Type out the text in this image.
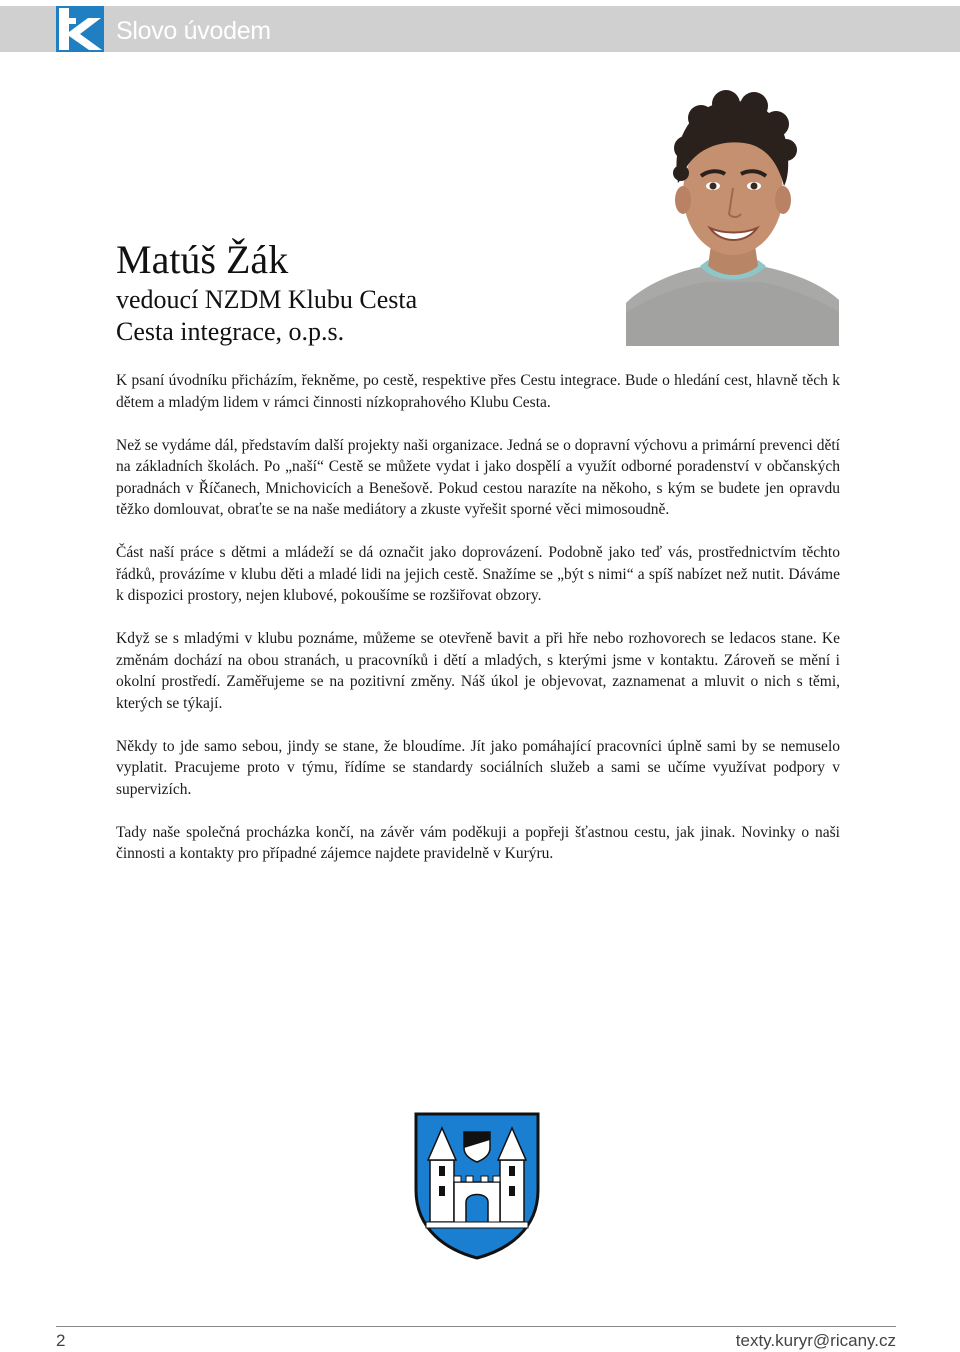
Slovo úvodem
Matúš Žák
vedoucí NZDM Klubu Cesta
Cesta integrace, o.p.s.

K psaní úvodníku přicházím, řekněme, po cestě, respektive přes Cestu integrace. Bude o hledání cest, hlavně těch k dětem a mladým lidem v rámci činnosti nízkoprahového Klubu Cesta.

Než se vydáme dál, představím další projekty naši organizace. Jedná se o dopravní výchovu a primární prevenci dětí na základních školách. Po „naší“ Cestě se můžete vydat i jako dospělí a využít odborné poradenství v občanských poradnách v Říčanech, Mnichovicích a Benešově. Pokud cestou narazíte na někoho, s kým se budete jen opravdu těžko domlouvat, obraťte se na naše mediátory a zkuste vyřešit sporné věci mimosoudně.

Část naší práce s dětmi a mládeží se dá označit jako doprovázení. Podobně jako teď vás, prostřednictvím těchto řádků, provázíme v klubu děti a mladé lidi na jejich cestě. Snažíme se „být s nimi“ a spíš nabízet než nutit. Dáváme k dispozici prostory, nejen klubové, pokoušíme se rozšiřovat obzory.

Když se s mladými v klubu poznáme, můžeme se otevřeně bavit a při hře nebo rozhovorech se ledacos stane. Ke změnám dochází na obou stranách, u pracovníků i dětí a mladých, s kterými jsme v kontaktu. Zároveň se mění i okolní prostředí. Zaměřujeme se na pozitivní změny. Náš úkol je objevovat, zaznamenat a mluvit o nich s těmi, kterých se týkají.

Někdy to jde samo sebou, jindy se stane, že bloudíme. Jít jako pomáhající pracovníci úplně sami by se nemuselo vyplatit. Pracujeme proto v týmu, řídíme se standardy sociálních služeb a sami se učíme využívat podpory v supervizích.

Tady naše společná procházka končí, na závěr vám poděkuji a popřeji šťastnou cestu, jak jinak. Novinky o naši činnosti a kontakty pro případné zájemce najdete pravidelně v Kurýru.

2	texty.kuryr@ricany.cz
